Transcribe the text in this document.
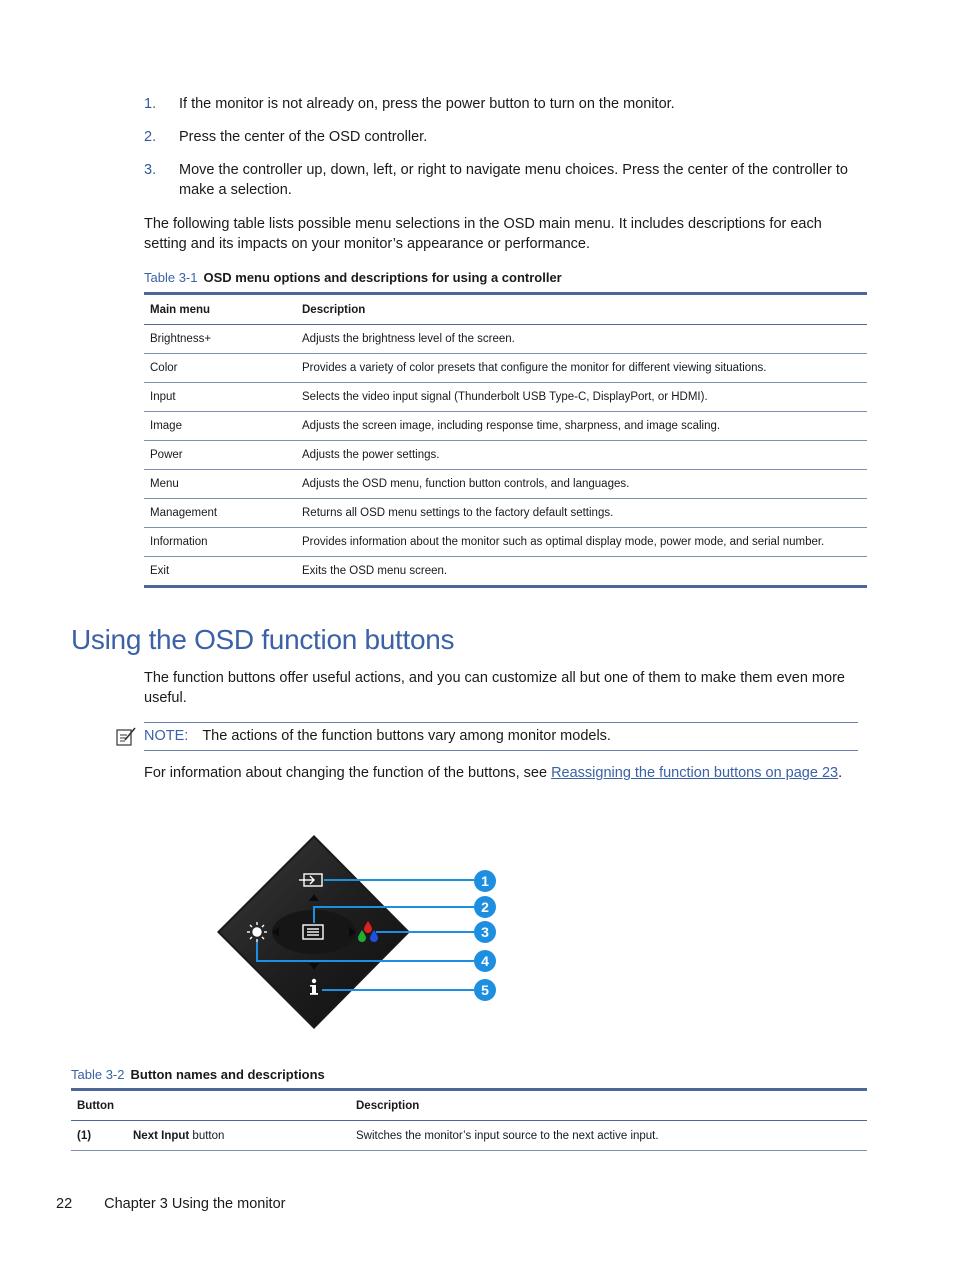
1. If the monitor is not already on, press the power button to turn on the monitor.
2. Press the center of the OSD controller.
3. Move the controller up, down, left, or right to navigate menu choices. Press the center of the controller to make a selection.
The following table lists possible menu selections in the OSD main menu. It includes descriptions for each setting and its impacts on your monitor’s appearance or performance.
Table 3-1 OSD menu options and descriptions for using a controller
Main menu	Description
Brightness+	Adjusts the brightness level of the screen.
Color	Provides a variety of color presets that configure the monitor for different viewing situations.
Input	Selects the video input signal (Thunderbolt USB Type-C, DisplayPort, or HDMI).
Image	Adjusts the screen image, including response time, sharpness, and image scaling.
Power	Adjusts the power settings.
Menu	Adjusts the OSD menu, function button controls, and languages.
Management	Returns all OSD menu settings to the factory default settings.
Information	Provides information about the monitor such as optimal display mode, power mode, and serial number.
Exit	Exits the OSD menu screen.
Using the OSD function buttons
The function buttons offer useful actions, and you can customize all but one of them to make them even more useful.
NOTE: The actions of the function buttons vary among monitor models.
For information about changing the function of the buttons, see Reassigning the function buttons on page 23.
1
2
3
4
5
Table 3-2 Button names and descriptions
Button		Description
(1)	Next Input button	Switches the monitor’s input source to the next active input.
22 Chapter 3 Using the monitor
